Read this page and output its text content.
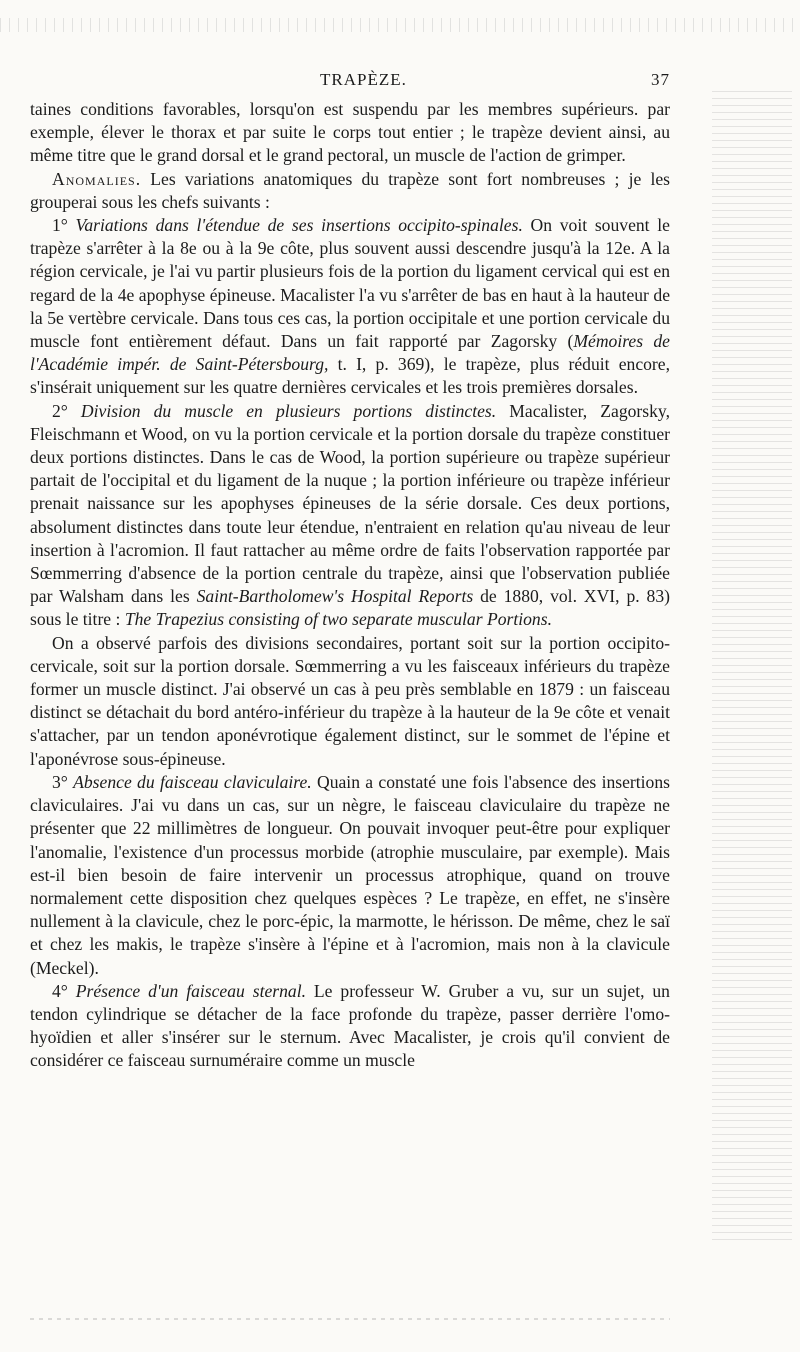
TRAPÈZE.	37

taines conditions favorables, lorsqu'on est suspendu par les membres supérieurs. par exemple, élever le thorax et par suite le corps tout entier ; le trapèze devient ainsi, au même titre que le grand dorsal et le grand pectoral, un muscle de l'action de grimper.

Anomalies. Les variations anatomiques du trapèze sont fort nombreuses ; je les grouperai sous les chefs suivants :

1° Variations dans l'étendue de ses insertions occipito-spinales. On voit souvent le trapèze s'arrêter à la 8e ou à la 9e côte, plus souvent aussi descendre jusqu'à la 12e. A la région cervicale, je l'ai vu partir plusieurs fois de la portion du ligament cervical qui est en regard de la 4e apophyse épineuse. Macalister l'a vu s'arrêter de bas en haut à la hauteur de la 5e vertèbre cervicale. Dans tous ces cas, la portion occipitale et une portion cervicale du muscle font entièrement défaut. Dans un fait rapporté par Zagorsky (Mémoires de l'Académie impér. de Saint-Pétersbourg, t. I, p. 369), le trapèze, plus réduit encore, s'insérait uniquement sur les quatre dernières cervicales et les trois premières dorsales.

2° Division du muscle en plusieurs portions distinctes. Macalister, Zagorsky, Fleischmann et Wood, on vu la portion cervicale et la portion dorsale du trapèze constituer deux portions distinctes. Dans le cas de Wood, la portion supérieure ou trapèze supérieur partait de l'occipital et du ligament de la nuque ; la portion inférieure ou trapèze inférieur prenait naissance sur les apophyses épineuses de la série dorsale. Ces deux portions, absolument distinctes dans toute leur étendue, n'entraient en relation qu'au niveau de leur insertion à l'acromion. Il faut rattacher au même ordre de faits l'observation rapportée par Sœmmerring d'absence de la portion centrale du trapèze, ainsi que l'observation publiée par Walsham dans les Saint-Bartholomew's Hospital Reports de 1880, vol. XVI, p. 83) sous le titre : The Trapezius consisting of two separate muscular Portions.

On a observé parfois des divisions secondaires, portant soit sur la portion occipito-cervicale, soit sur la portion dorsale. Sœmmerring a vu les faisceaux inférieurs du trapèze former un muscle distinct. J'ai observé un cas à peu près semblable en 1879 : un faisceau distinct se détachait du bord antéro-inférieur du trapèze à la hauteur de la 9e côte et venait s'attacher, par un tendon aponévrotique également distinct, sur le sommet de l'épine et l'aponévrose sous-épineuse.

3° Absence du faisceau claviculaire. Quain a constaté une fois l'absence des insertions claviculaires. J'ai vu dans un cas, sur un nègre, le faisceau claviculaire du trapèze ne présenter que 22 millimètres de longueur. On pouvait invoquer peut-être pour expliquer l'anomalie, l'existence d'un processus morbide (atrophie musculaire, par exemple). Mais est-il bien besoin de faire intervenir un processus atrophique, quand on trouve normalement cette disposition chez quelques espèces ? Le trapèze, en effet, ne s'insère nullement à la clavicule, chez le porc-épic, la marmotte, le hérisson. De même, chez le saï et chez les makis, le trapèze s'insère à l'épine et à l'acromion, mais non à la clavicule (Meckel).

4° Présence d'un faisceau sternal. Le professeur W. Gruber a vu, sur un sujet, un tendon cylindrique se détacher de la face profonde du trapèze, passer derrière l'omo-hyoïdien et aller s'insérer sur le sternum. Avec Macalister, je crois qu'il convient de considérer ce faisceau surnuméraire comme un muscle
